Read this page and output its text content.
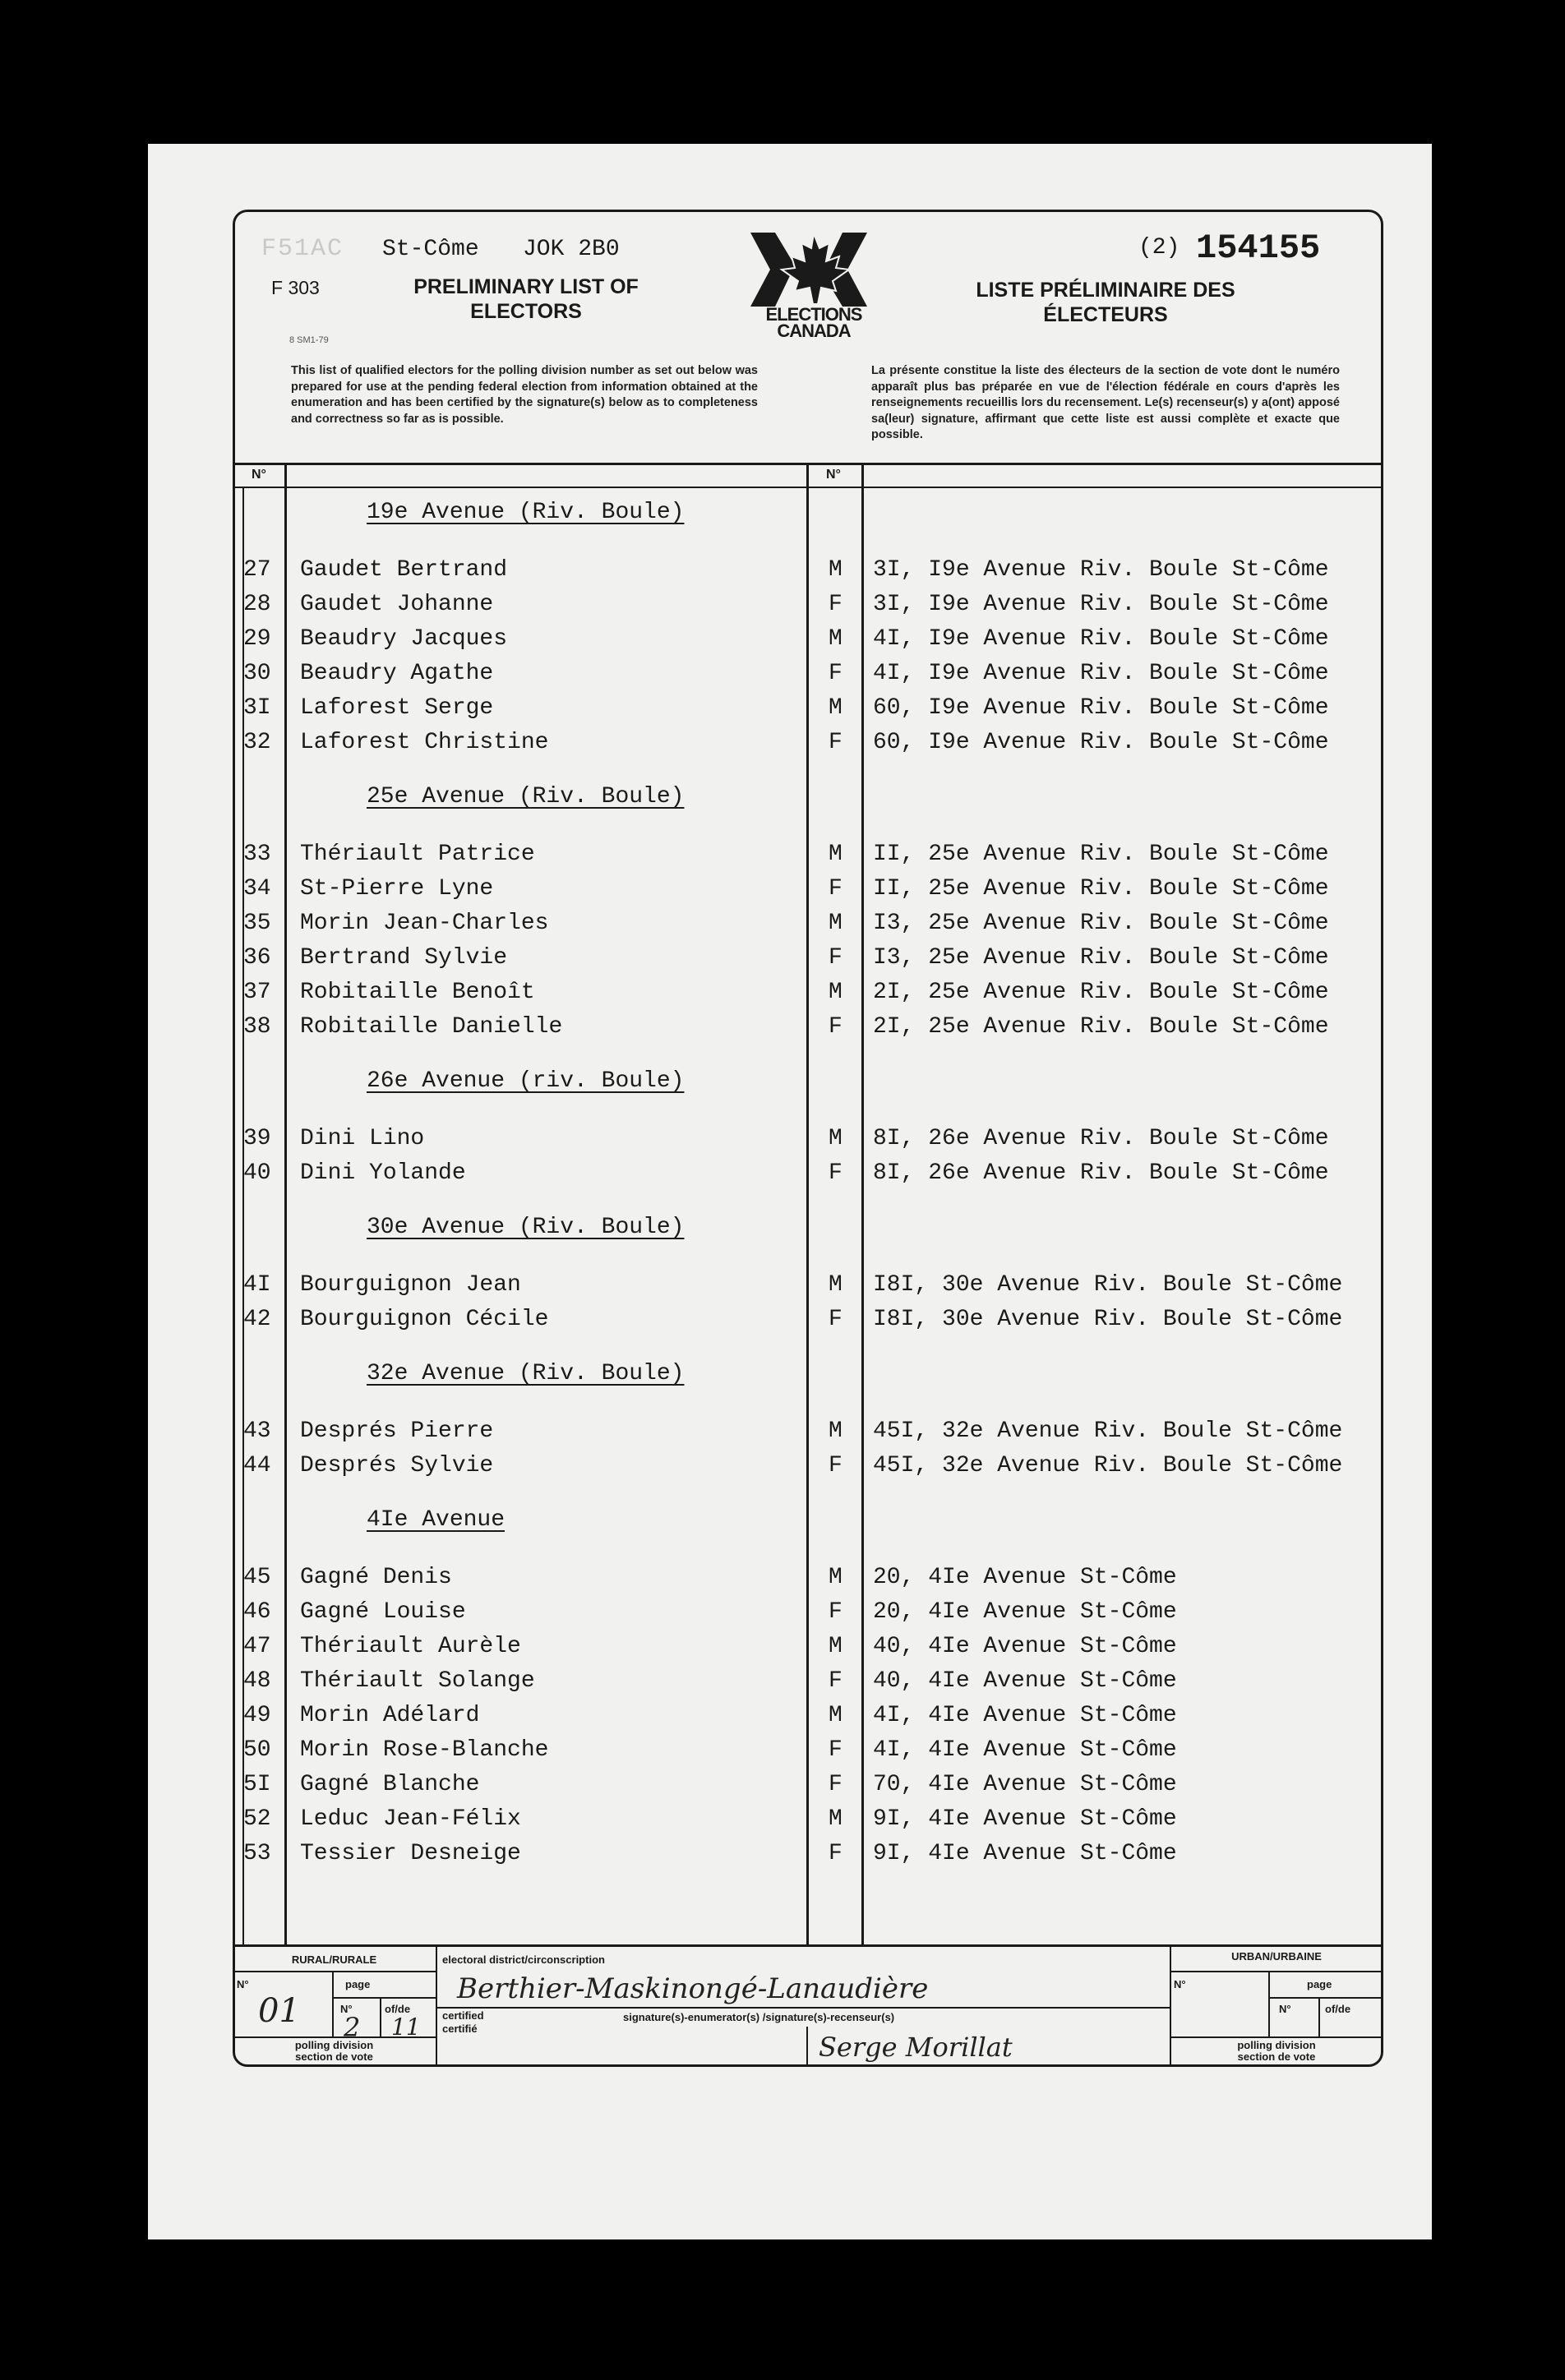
F51AC St-Côme JOK 2B0
F 303
8 SM1-79
PRELIMINARY LIST OF ELECTORS
LISTE PRÉLIMINAIRE DES ÉLECTEURS
ELECTIONS
CANADA
(2) 154155
This list of qualified electors for the polling division number as set out below was prepared for use at the pending federal election from information obtained at the enumeration and has been certified by the signature(s) below as to completeness and correctness so far as is possible.
La présente constitue la liste des électeurs de la section de vote dont le numéro apparaît plus bas préparée en vue de l'élection fédérale en cours d'après les renseignements recueillis lors du recensement. Le(s) recenseur(s) y a(ont) apposé sa(leur) signature, affirmant que cette liste est aussi complète et exacte que possible.
N°	N°
19e Avenue (Riv. Boule)
27 Gaudet Bertrand	M 3I, I9e Avenue Riv. Boule St-Côme
28 Gaudet Johanne	F 3I, I9e Avenue Riv. Boule St-Côme
29 Beaudry Jacques	M 4I, I9e Avenue Riv. Boule St-Côme
30 Beaudry Agathe	F 4I, I9e Avenue Riv. Boule St-Côme
3I Laforest Serge	M 60, I9e Avenue Riv. Boule St-Côme
32 Laforest Christine	F 60, I9e Avenue Riv. Boule St-Côme
25e Avenue (Riv. Boule)
33 Thériault Patrice	M II, 25e Avenue Riv. Boule St-Côme
34 St-Pierre Lyne	F II, 25e Avenue Riv. Boule St-Côme
35 Morin Jean-Charles	M I3, 25e Avenue Riv. Boule St-Côme
36 Bertrand Sylvie	F I3, 25e Avenue Riv. Boule St-Côme
37 Robitaille Benoît	M 2I, 25e Avenue Riv. Boule St-Côme
38 Robitaille Danielle	F 2I, 25e Avenue Riv. Boule St-Côme
26e Avenue (riv. Boule)
39 Dini Lino	M 8I, 26e Avenue Riv. Boule St-Côme
40 Dini Yolande	F 8I, 26e Avenue Riv. Boule St-Côme
30e Avenue (Riv. Boule)
4I Bourguignon Jean	M I8I, 30e Avenue Riv. Boule St-Côme
42 Bourguignon Cécile	F I8I, 30e Avenue Riv. Boule St-Côme
32e Avenue (Riv. Boule)
43 Després Pierre	M 45I, 32e Avenue Riv. Boule St-Côme
44 Després Sylvie	F 45I, 32e Avenue Riv. Boule St-Côme
4Ie Avenue
45 Gagné Denis	M 20, 4Ie Avenue St-Côme
46 Gagné Louise	F 20, 4Ie Avenue St-Côme
47 Thériault Aurèle	M 40, 4Ie Avenue St-Côme
48 Thériault Solange	F 40, 4Ie Avenue St-Côme
49 Morin Adélard	M 4I, 4Ie Avenue St-Côme
50 Morin Rose-Blanche	F 4I, 4Ie Avenue St-Côme
5I Gagné Blanche	F 70, 4Ie Avenue St-Côme
52 Leduc Jean-Félix	M 9I, 4Ie Avenue St-Côme
53 Tessier Desneige	F 9I, 4Ie Avenue St-Côme
RURAL/RURALE	URBAN/URBAINE
N°	page
N°	of/de
polling division
section de vote
01 2 11
electoral district/circonscription
Berthier-Maskinongé-Lanaudière
certified
certifié
signature(s)-enumerator(s) /signature(s)-recenseur(s)
Serge Morillat
N°	page
N°	of/de
polling division
section de vote
